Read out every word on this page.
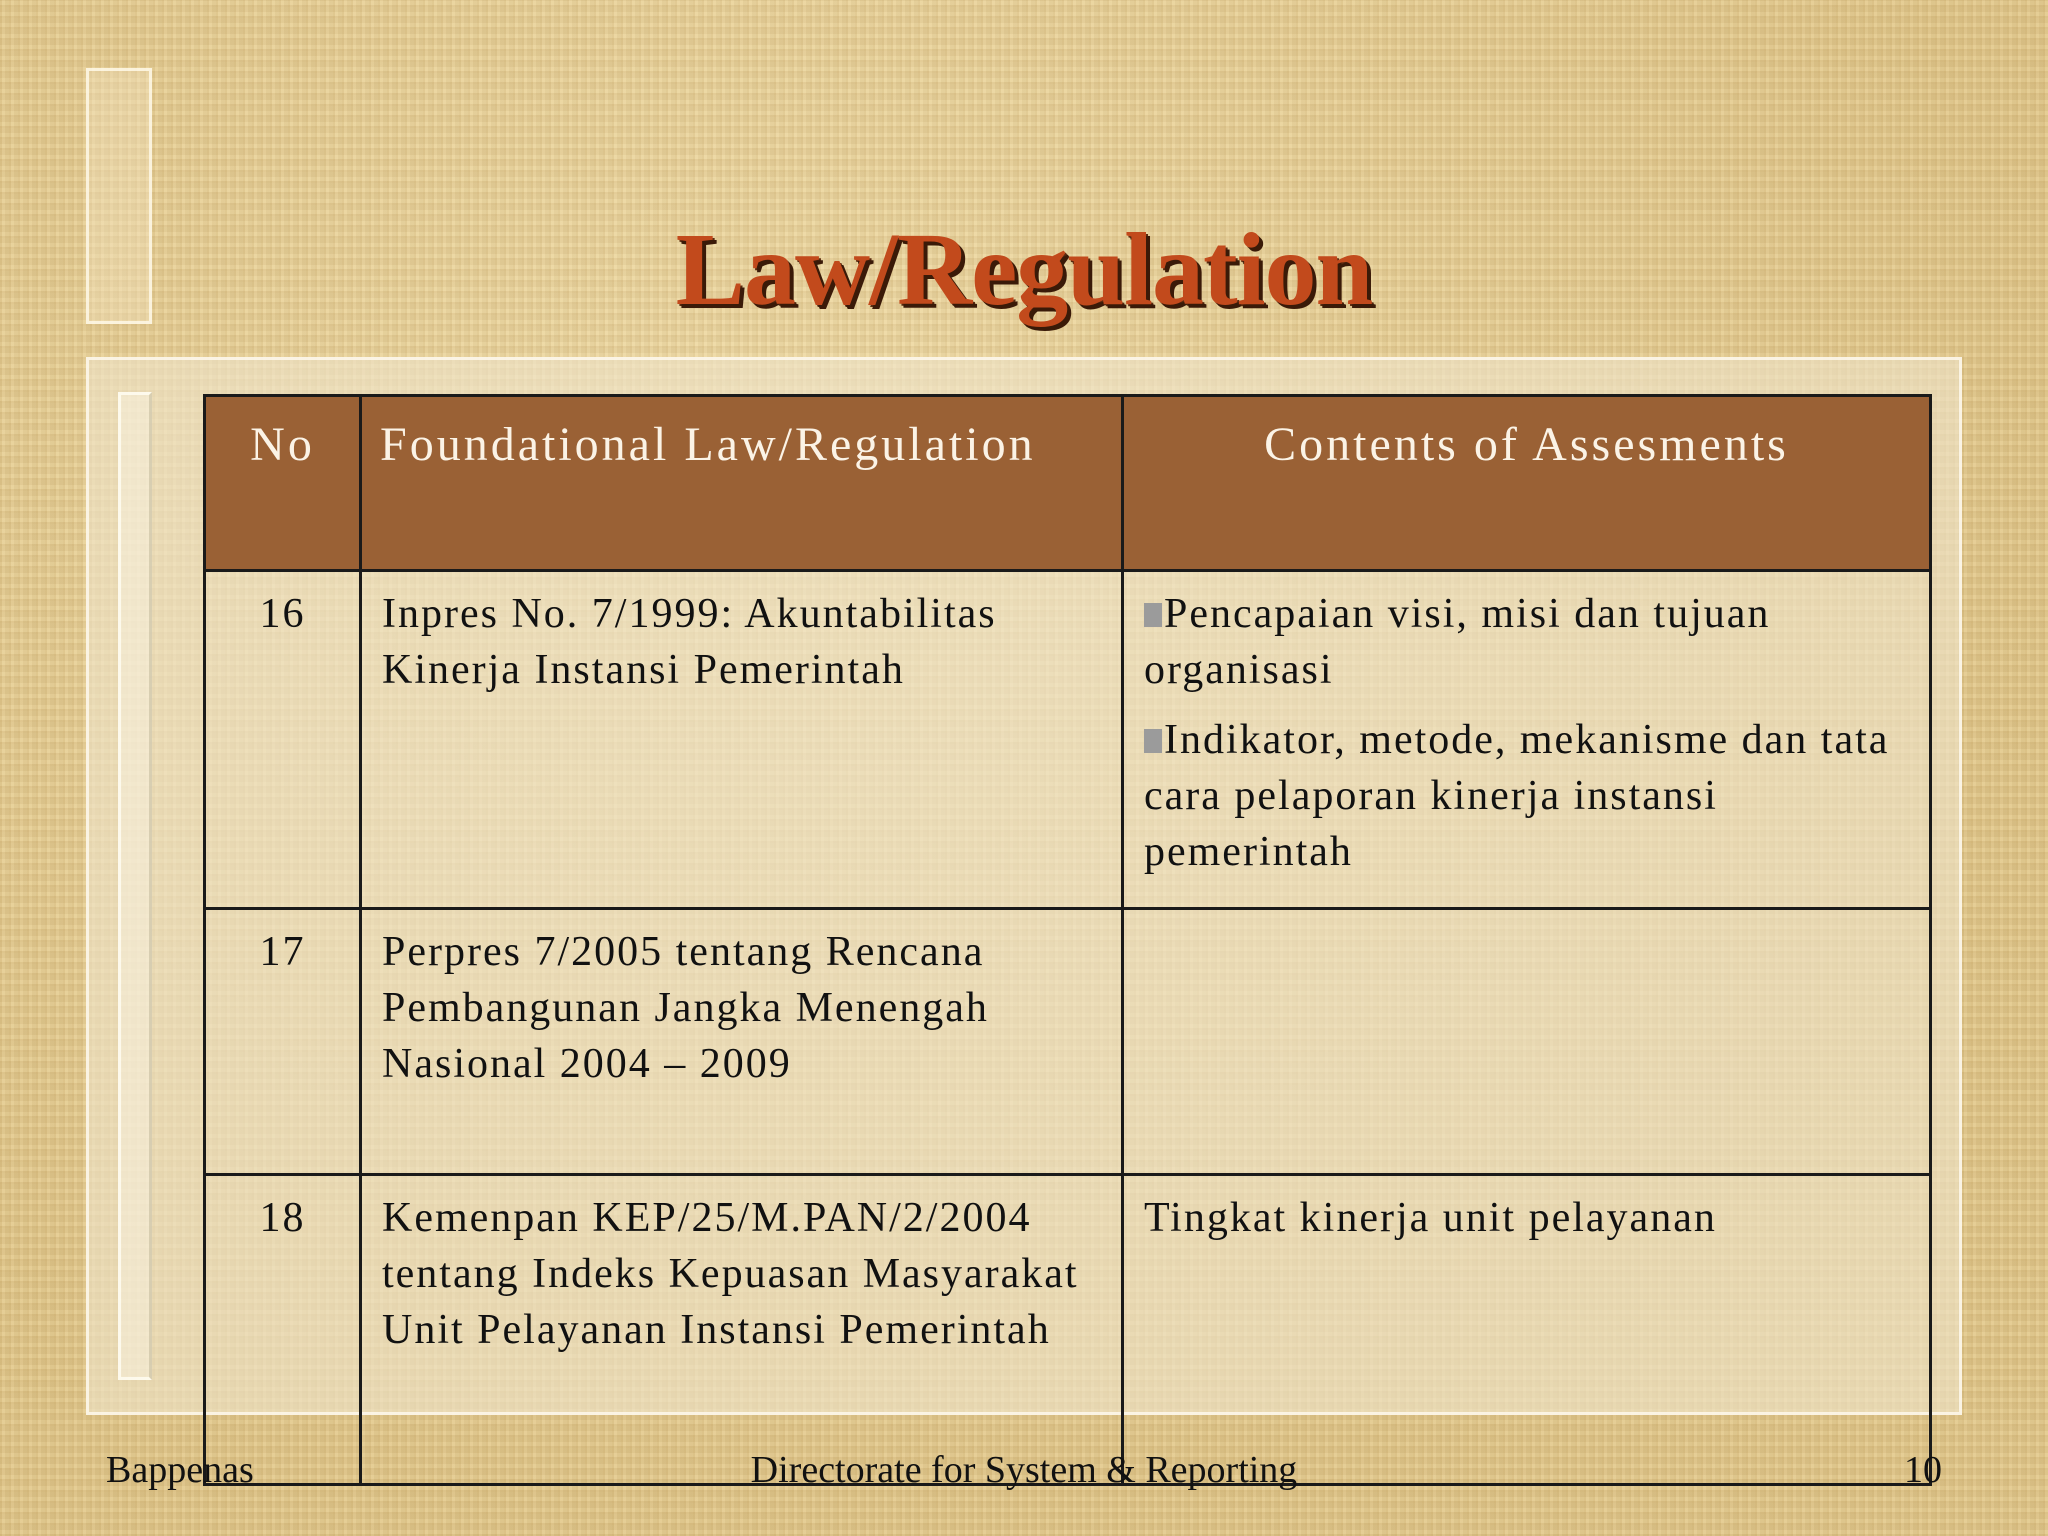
Law/Regulation
No	Foundational Law/Regulation	Contents of Assesments
16	Inpres No. 7/1999: Akuntabilitas Kinerja Instansi Pemerintah	Pencapaian visi, misi dan tujuan organisasi

Indikator, metode, mekanisme dan tata cara pelaporan kinerja instansi pemerintah

17	Perpres 7/2005 tentang Rencana Pembangunan Jangka Menengah Nasional 2004 – 2009	
18	Kemenpan KEP/25/M.PAN/2/2004 tentang Indeks Kepuasan Masyarakat Unit Pelayanan Instansi Pemerintah	Tingkat kinerja unit pelayanan
Bappenas	Directorate for System & Reporting	10
